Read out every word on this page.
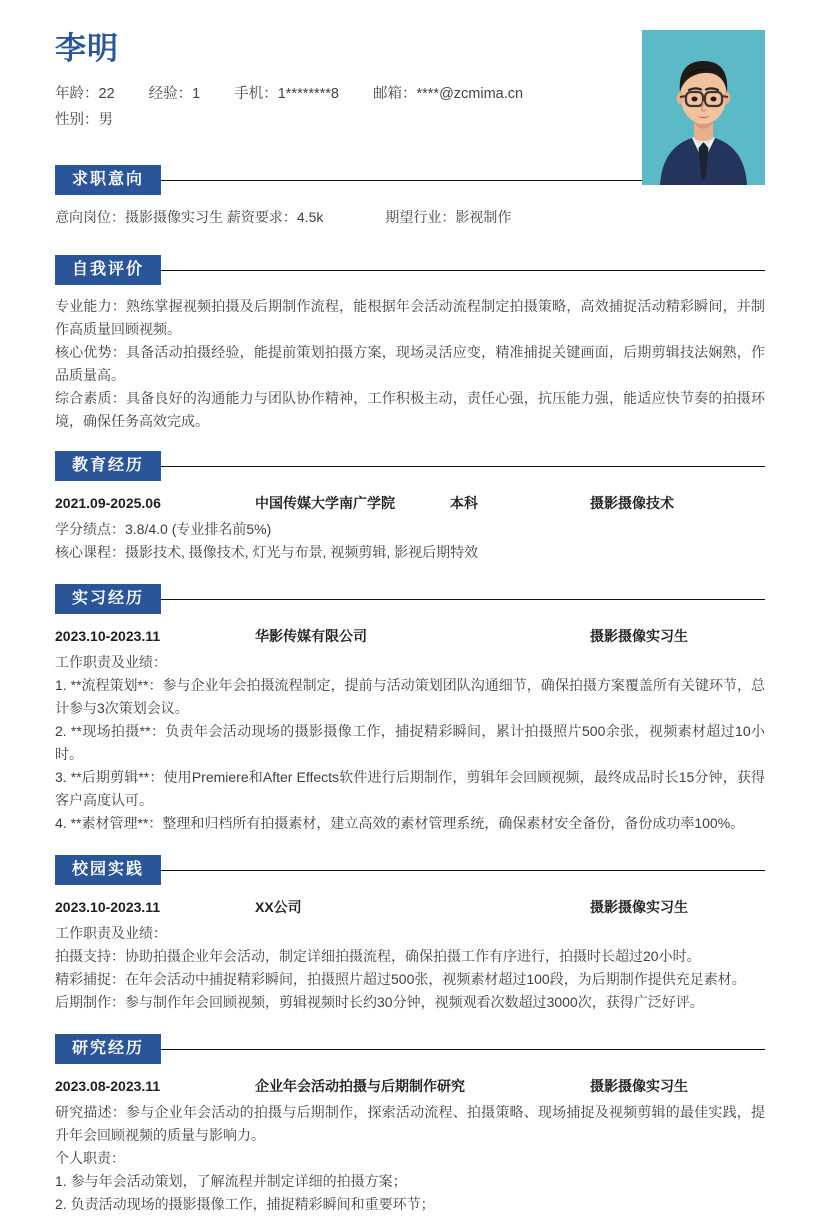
李明
年龄：22 经验：1 手机：1********8 邮箱：****@zcmima.cn
性别：男
求职意向
意向岗位：摄影摄像实习生 薪资要求：4.5k	期望行业：影视制作
自我评价

专业能力：熟练掌握视频拍摄及后期制作流程，能根据年会活动流程制定拍摄策略，高效捕捉活动精彩瞬间，并制作高质量回顾视频。

核心优势：具备活动拍摄经验，能提前策划拍摄方案，现场灵活应变，精准捕捉关键画面，后期剪辑技法娴熟，作品质量高。

综合素质：具备良好的沟通能力与团队协作精神，工作积极主动，责任心强，抗压能力强，能适应快节奏的拍摄环境，确保任务高效完成。

教育经历
2021.09-2025.06	中国传媒大学南广学院	本科	摄影摄像技术

学分绩点：3.8/4.0 (专业排名前5%)

核心课程：摄影技术, 摄像技术, 灯光与布景, 视频剪辑, 影视后期特效

实习经历
2023.10-2023.11	华影传媒有限公司	摄影摄像实习生

工作职责及业绩：

1. **流程策划**：参与企业年会拍摄流程制定，提前与活动策划团队沟通细节，确保拍摄方案覆盖所有关键环节，总计参与3次策划会议。

2. **现场拍摄**：负责年会活动现场的摄影摄像工作，捕捉精彩瞬间，累计拍摄照片500余张，视频素材超过10小时。

3. **后期剪辑**：使用Premiere和After Effects软件进行后期制作，剪辑年会回顾视频，最终成品时长15分钟，获得客户高度认可。

4. **素材管理**：整理和归档所有拍摄素材，建立高效的素材管理系统，确保素材安全备份，备份成功率100%。

校园实践
2023.10-2023.11	XX公司	摄影摄像实习生

工作职责及业绩：

拍摄支持：协助拍摄企业年会活动，制定详细拍摄流程，确保拍摄工作有序进行，拍摄时长超过20小时。

精彩捕捉：在年会活动中捕捉精彩瞬间，拍摄照片超过500张，视频素材超过100段，为后期制作提供充足素材。

后期制作：参与制作年会回顾视频，剪辑视频时长约30分钟，视频观看次数超过3000次，获得广泛好评。

研究经历
2023.08-2023.11	企业年会活动拍摄与后期制作研究	摄影摄像实习生

研究描述：参与企业年会活动的拍摄与后期制作，探索活动流程、拍摄策略、现场捕捉及视频剪辑的最佳实践，提升年会回顾视频的质量与影响力。

个人职责：

1. 参与年会活动策划，了解流程并制定详细的拍摄方案；

2. 负责活动现场的摄影摄像工作，捕捉精彩瞬间和重要环节；
